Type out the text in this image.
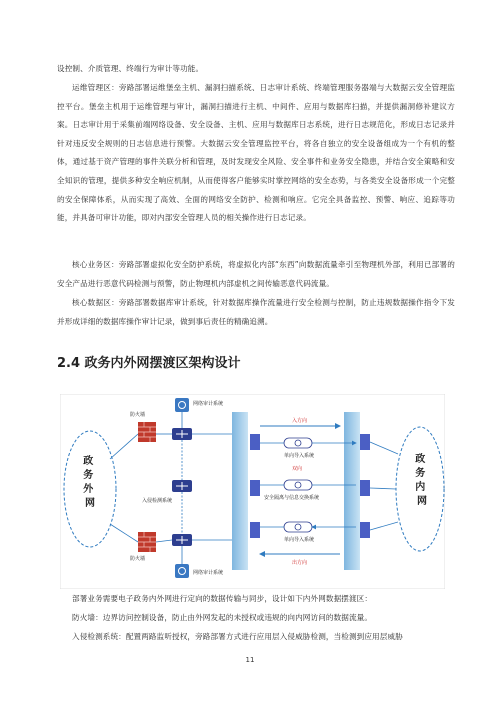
设控制、介质管理、终端行为审计等功能。

运维管理区：旁路部署运维堡垒主机、漏洞扫描系统、日志审计系统、终端管理服务器端与大数据云安全管理监控平台。堡垒主机用于运维管理与审计，漏洞扫描进行主机、中间件、应用与数据库扫描，并提供漏洞修补建议方案。日志审计用于采集前端网络设备、安全设备、主机、应用与数据库日志系统，进行日志规范化，形成日志记录并针对违反安全规则的日志信息进行预警。大数据云安全管理监控平台，将各自独立的安全设备组成为一个有机的整体，通过基于资产管理的事件关联分析和管理，及时发现安全风险、安全事件和业务安全隐患，并结合安全策略和安全知识的管理，提供多种安全响应机制，从而使得客户能够实时掌控网络的安全态势，与各类安全设备形成一个完整的安全保障体系，从而实现了高效、全面的网络安全防护、检测和响应。它完全具备监控、预警、响应、追踪等功能，并具备可审计功能，即对内部安全管理人员的相关操作进行日志记录。

核心业务区：旁路部署虚拟化安全防护系统，将虚拟化内部“东西”向数据流量牵引至物理机外部，利用已部署的安全产品进行恶意代码检测与预警，防止物理机内部虚机之间传输恶意代码流量。

核心数据区：旁路部署数据库审计系统，针对数据库操作流量进行安全检测与控制，防止违规数据操作指令下发并形成详细的数据库操作审计记录，做到事后责任的精确追溯。

2.4 政务内外网摆渡区架构设计
政 务 外 网
政 务 内 网
防火墙
防火墙
网络审计系统
网络审计系统
入侵检测系统
入方向
单向导入系统
双向
安全隔离与信息交换系统
单向导入系统
出方向

部署业务需要电子政务内外网进行定向的数据传输与同步，设计如下内外网数据摆渡区：

防火墙：边界访问控制设备，防止由外网发起的未授权或违规的向内网访问的数据流量。

入侵检测系统：配置两路监听授权，旁路部署方式进行应用层入侵威胁检测，当检测到应用层威胁

11
